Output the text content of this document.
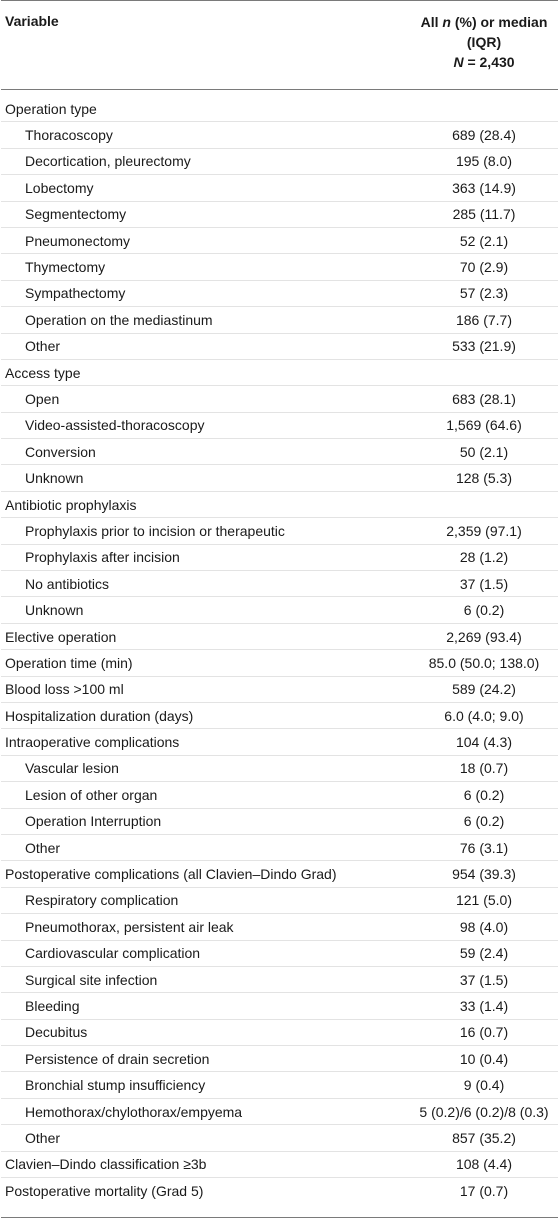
Variable	All n (%) or median
(IQR)
N = 2,430
Operation type
Thoracoscopy	689 (28.4)
Decortication, pleurectomy	195 (8.0)
Lobectomy	363 (14.9)
Segmentectomy	285 (11.7)
Pneumonectomy	52 (2.1)
Thymectomy	70 (2.9)
Sympathectomy	57 (2.3)
Operation on the mediastinum	186 (7.7)
Other	533 (21.9)
Access type
Open	683 (28.1)
Video-assisted-thoracoscopy	1,569 (64.6)
Conversion	50 (2.1)
Unknown	128 (5.3)
Antibiotic prophylaxis
Prophylaxis prior to incision or therapeutic	2,359 (97.1)
Prophylaxis after incision	28 (1.2)
No antibiotics	37 (1.5)
Unknown	6 (0.2)
Elective operation	2,269 (93.4)
Operation time (min)	85.0 (50.0; 138.0)
Blood loss >100 ml	589 (24.2)
Hospitalization duration (days)	6.0 (4.0; 9.0)
Intraoperative complications	104 (4.3)
Vascular lesion	18 (0.7)
Lesion of other organ	6 (0.2)
Operation Interruption	6 (0.2)
Other	76 (3.1)
Postoperative complications (all Clavien–Dindo Grad)	954 (39.3)
Respiratory complication	121 (5.0)
Pneumothorax, persistent air leak	98 (4.0)
Cardiovascular complication	59 (2.4)
Surgical site infection	37 (1.5)
Bleeding	33 (1.4)
Decubitus	16 (0.7)
Persistence of drain secretion	10 (0.4)
Bronchial stump insufficiency	9 (0.4)
Hemothorax/chylothorax/empyema	5 (0.2)/6 (0.2)/8 (0.3)
Other	857 (35.2)
Clavien–Dindo classification ≥3b	108 (4.4)
Postoperative mortality (Grad 5)	17 (0.7)
